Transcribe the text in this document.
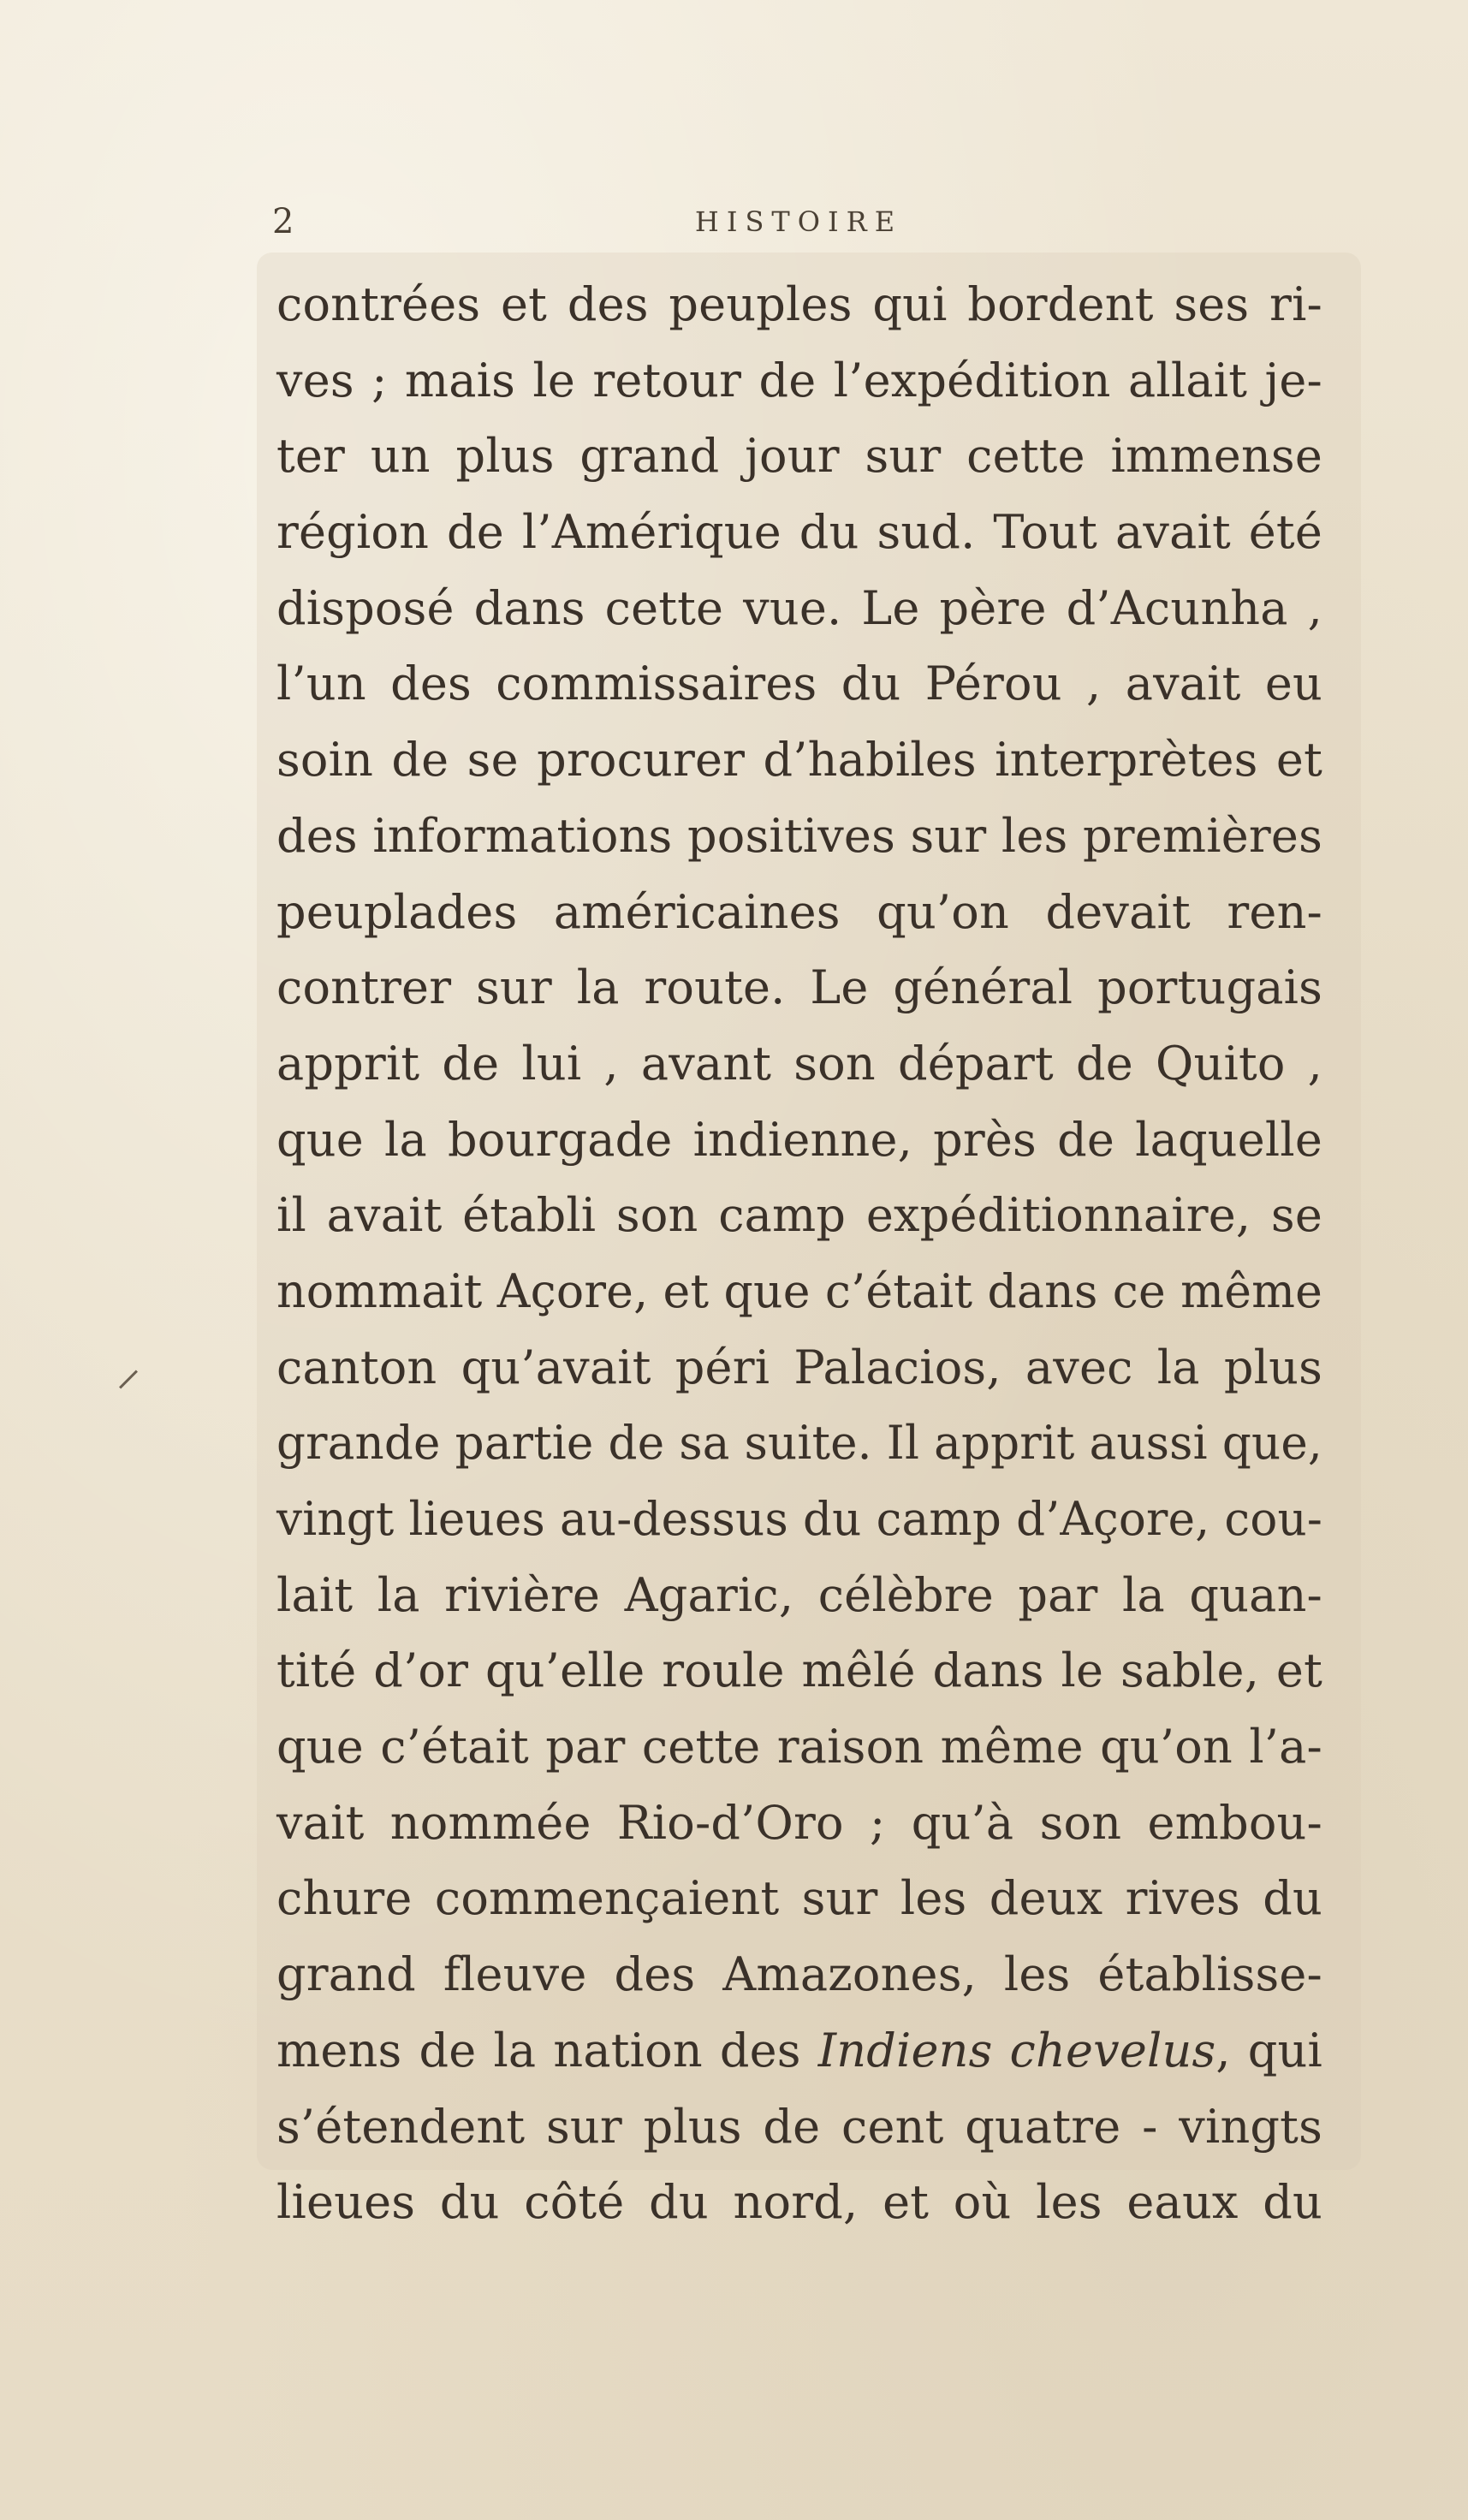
2	HISTOIRE
contrées et des peuples qui bordent ses ri-
ves ; mais le retour de l’expédition allait je-
ter un plus grand jour sur cette immense
région de l’Amérique du sud. Tout avait été
disposé dans cette vue. Le père d’Acunha ,
l’un des commissaires du Pérou , avait eu
soin de se procurer d’habiles interprètes et
des informations positives sur les premières
peuplades américaines qu’on devait ren-
contrer sur la route. Le général portugais
apprit de lui , avant son départ de Quito ,
que la bourgade indienne, près de laquelle
il avait établi son camp expéditionnaire, se
nommait Açore, et que c’était dans ce même
canton qu’avait péri Palacios, avec la plus
grande partie de sa suite. Il apprit aussi que,
vingt lieues au-dessus du camp d’Açore, cou-
lait la rivière Agaric, célèbre par la quan-
tité d’or qu’elle roule mêlé dans le sable, et
que c’était par cette raison même qu’on l’a-
vait nommée Rio-d’Oro ; qu’à son embou-
chure commençaient sur les deux rives du
grand fleuve des Amazones, les établisse-
mens de la nation des Indiens chevelus, qui
s’étendent sur plus de cent quatre - vingts
lieues du côté du nord, et où les eaux du
